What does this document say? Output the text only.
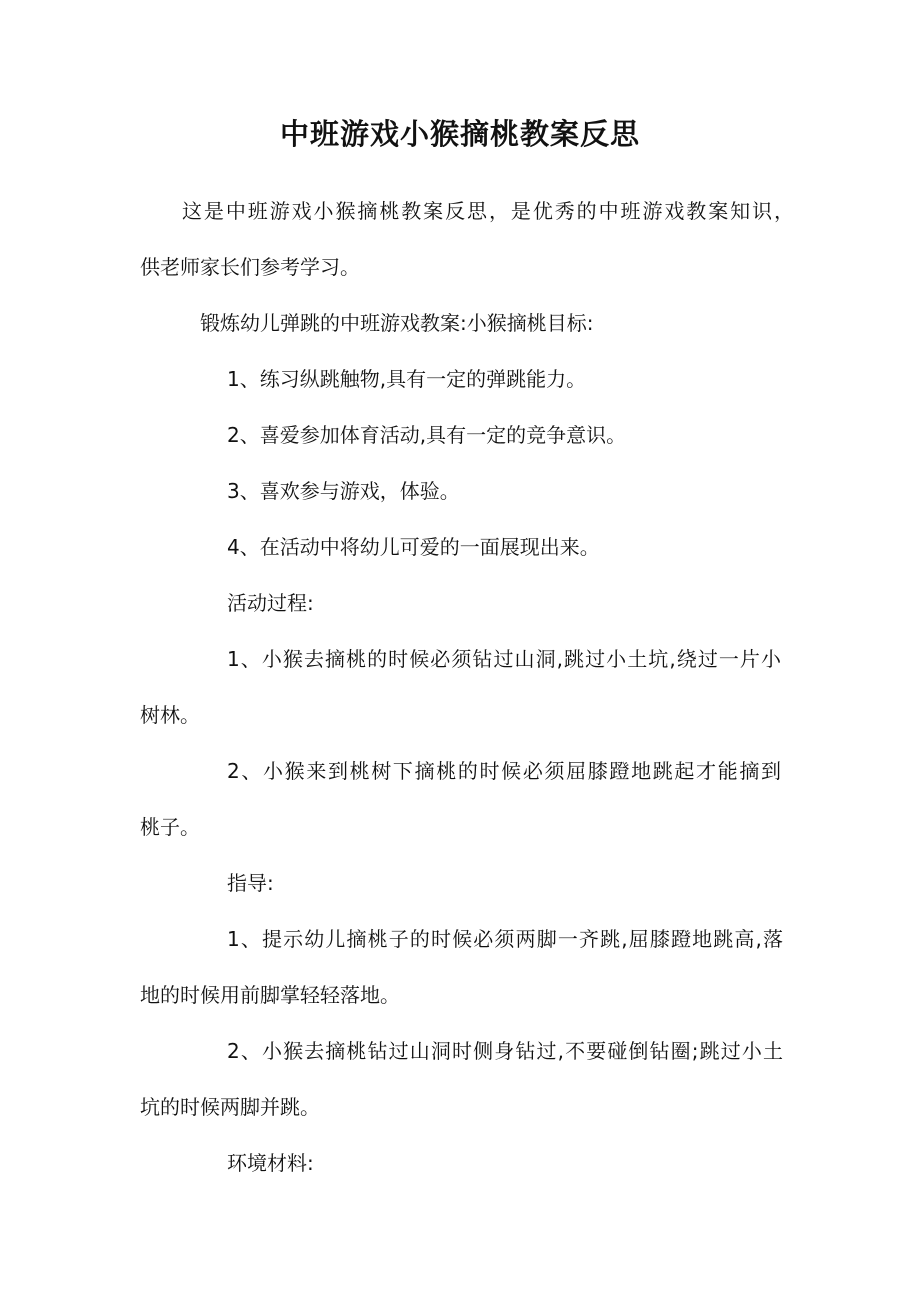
中班游戏小猴摘桃教案反思
这是中班游戏小猴摘桃教案反思，是优秀的中班游戏教案知识，
供老师家长们参考学习。
锻炼幼儿弹跳的中班游戏教案:小猴摘桃目标:
1、练习纵跳触物,具有一定的弹跳能力。
2、喜爱参加体育活动,具有一定的竞争意识。
3、喜欢参与游戏，体验。
4、在活动中将幼儿可爱的一面展现出来。
活动过程:
1、小猴去摘桃的时候必须钻过山洞,跳过小土坑,绕过一片小
树林。
2、小猴来到桃树下摘桃的时候必须屈膝蹬地跳起才能摘到
桃子。
指导:
1、提示幼儿摘桃子的时候必须两脚一齐跳,屈膝蹬地跳高,落
地的时候用前脚掌轻轻落地。
2、小猴去摘桃钻过山洞时侧身钻过,不要碰倒钻圈;跳过小土
坑的时候两脚并跳。
环境材料:
